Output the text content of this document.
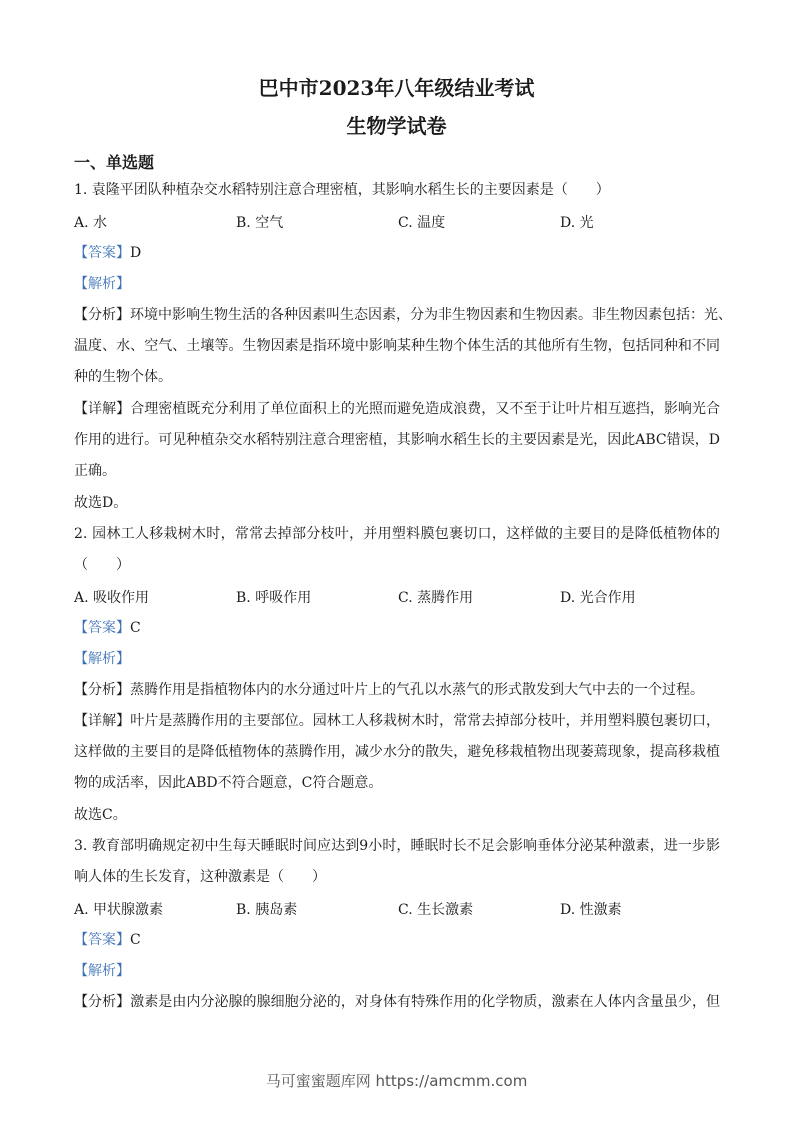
巴中市2023年八年级结业考试
生物学试卷
一、单选题
1. 袁隆平团队种植杂交水稻特别注意合理密植，其影响水稻生长的主要因素是（　　）
A. 水	B. 空气	C. 温度	D. 光
【答案】D
【解析】
【分析】环境中影响生物生活的各种因素叫生态因素，分为非生物因素和生物因素。非生物因素包括：光、
温度、水、空气、土壤等。生物因素是指环境中影响某种生物个体生活的其他所有生物，包括同种和不同
种的生物个体。
【详解】合理密植既充分利用了单位面积上的光照而避免造成浪费，又不至于让叶片相互遮挡，影响光合
作用的进行。可见种植杂交水稻特别注意合理密植，其影响水稻生长的主要因素是光，因此ABC错误，D
正确。
故选D。
2. 园林工人移栽树木时，常常去掉部分枝叶，并用塑料膜包裹切口，这样做的主要目的是降低植物体的
（　　）
A. 吸收作用	B. 呼吸作用	C. 蒸腾作用	D. 光合作用
【答案】C
【解析】
【分析】蒸腾作用是指植物体内的水分通过叶片上的气孔以水蒸气的形式散发到大气中去的一个过程。
【详解】叶片是蒸腾作用的主要部位。园林工人移栽树木时，常常去掉部分枝叶，并用塑料膜包裹切口，
这样做的主要目的是降低植物体的蒸腾作用，减少水分的散失，避免移栽植物出现萎蔫现象，提高移栽植
物的成活率，因此ABD不符合题意，C符合题意。
故选C。
3. 教育部明确规定初中生每天睡眠时间应达到9小时，睡眠时长不足会影响垂体分泌某种激素，进一步影
响人体的生长发育，这种激素是（　　）
A. 甲状腺激素	B. 胰岛素	C. 生长激素	D. 性激素
【答案】C
【解析】
【分析】激素是由内分泌腺的腺细胞分泌的，对身体有特殊作用的化学物质，激素在人体内含量虽少，但
马可蜜蜜题库网 https://amcmm.com
